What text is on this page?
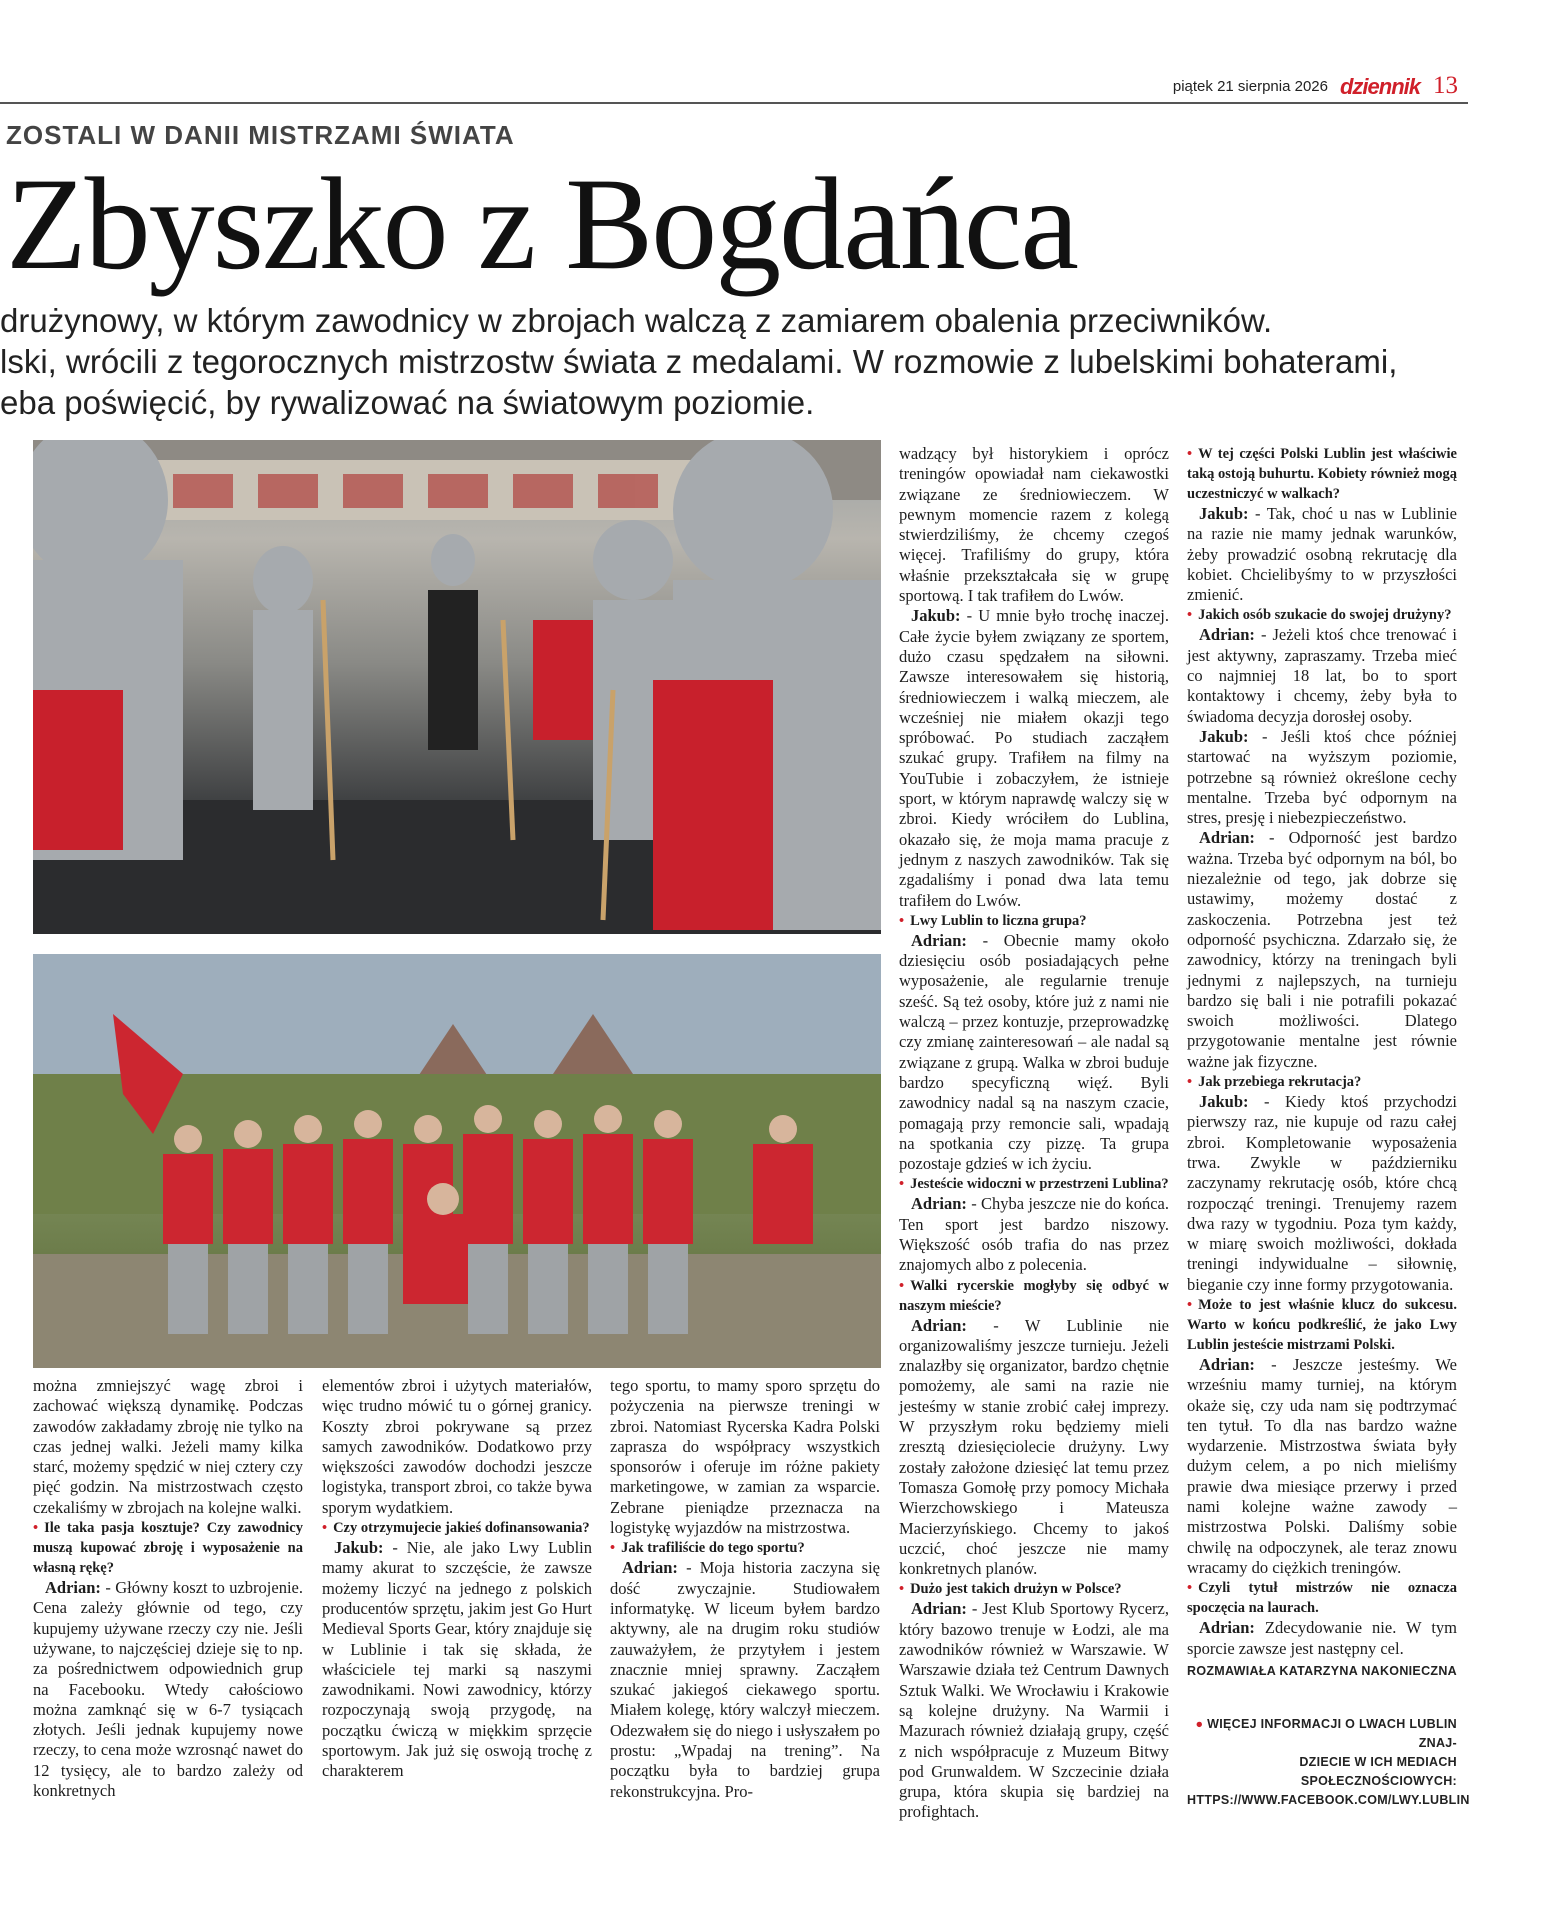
piątek 21 sierpnia 2026 dziennik 13
ZOSTALI W DANII MISTRZAMI ŚWIATA
Zbyszko z Bogdańca
drużynowy, w którym zawodnicy w zbrojach walczą z zamiarem obalenia przeciwników.
lski, wrócili z tegorocznych mistrzostw świata z medalami. W rozmowie z lubelskimi bohaterami,
eba poświęcić, by rywalizować na światowym poziomie.

można zmniejszyć wagę zbroi i zachować większą dynamikę. Podczas zawodów zakładamy zbroję nie tylko na czas jednej walki. Jeżeli mamy kilka starć, możemy spędzić w niej cztery czy pięć godzin. Na mistrzostwach często czekaliśmy w zbrojach na kolejne walki.

• Ile taka pasja kosztuje? Czy zawodnicy muszą kupować zbroję i wyposażenie na własną rękę?

Adrian: - Główny koszt to uzbrojenie. Cena zależy głównie od tego, czy kupujemy używane rzeczy czy nie. Jeśli używane, to najczęściej dzieje się to np. za pośrednictwem odpowiednich grup na Facebooku. Wtedy całościowo można zamknąć się w 6-7 tysiącach złotych. Jeśli jednak kupujemy nowe rzeczy, to cena może wzrosnąć nawet do 12 tysięcy, ale to bardzo zależy od konkretnych

elementów zbroi i użytych materiałów, więc trudno mówić tu o górnej granicy. Koszty zbroi pokrywane są przez samych zawodników. Dodatkowo przy większości zawodów dochodzi jeszcze logistyka, transport zbroi, co także bywa sporym wydatkiem.

• Czy otrzymujecie jakieś dofinansowania?

Jakub: - Nie, ale jako Lwy Lublin mamy akurat to szczęście, że zawsze możemy liczyć na jednego z polskich producentów sprzętu, jakim jest Go Hurt Medieval Sports Gear, który znajduje się w Lublinie i tak się składa, że właściciele tej marki są naszymi zawodnikami. Nowi zawodnicy, którzy rozpoczynają swoją przygodę, na początku ćwiczą w miękkim sprzęcie sportowym. Jak już się oswoją trochę z charakterem

tego sportu, to mamy sporo sprzętu do pożyczenia na pierwsze treningi w zbroi. Natomiast Rycerska Kadra Polski zaprasza do współpracy wszystkich sponsorów i oferuje im różne pakiety marketingowe, w zamian za wsparcie. Zebrane pieniądze przeznacza na logistykę wyjazdów na mistrzostwa.

• Jak trafiliście do tego sportu?

Adrian: - Moja historia zaczyna się dość zwyczajnie. Studiowałem informatykę. W liceum byłem bardzo aktywny, ale na drugim roku studiów zauważyłem, że przytyłem i jestem znacznie mniej sprawny. Zacząłem szukać jakiegoś ciekawego sportu. Miałem kolegę, który walczył mieczem. Odezwałem się do niego i usłyszałem po prostu: „Wpadaj na trening”. Na początku była to bardziej grupa rekonstrukcyjna. Pro-

wadzący był historykiem i oprócz treningów opowiadał nam ciekawostki związane ze średniowieczem. W pewnym momencie razem z kolegą stwierdziliśmy, że chcemy czegoś więcej. Trafiliśmy do grupy, która właśnie przekształcała się w grupę sportową. I tak trafiłem do Lwów.

Jakub: - U mnie było trochę inaczej. Całe życie byłem związany ze sportem, dużo czasu spędzałem na siłowni. Zawsze interesowałem się historią, średniowieczem i walką mieczem, ale wcześniej nie miałem okazji tego spróbować. Po studiach zacząłem szukać grupy. Trafiłem na filmy na YouTubie i zobaczyłem, że istnieje sport, w którym naprawdę walczy się w zbroi. Kiedy wróciłem do Lublina, okazało się, że moja mama pracuje z jednym z naszych zawodników. Tak się zgadaliśmy i ponad dwa lata temu trafiłem do Lwów.

• Lwy Lublin to liczna grupa?

Adrian: - Obecnie mamy około dziesięciu osób posiadających pełne wyposażenie, ale regularnie trenuje sześć. Są też osoby, które już z nami nie walczą – przez kontuzje, przeprowadzkę czy zmianę zainteresowań – ale nadal są związane z grupą. Walka w zbroi buduje bardzo specyficzną więź. Byli zawodnicy nadal są na naszym czacie, pomagają przy remoncie sali, wpadają na spotkania czy pizzę. Ta grupa pozostaje gdzieś w ich życiu.

• Jesteście widoczni w przestrzeni Lublina?

Adrian: - Chyba jeszcze nie do końca. Ten sport jest bardzo niszowy. Większość osób trafia do nas przez znajomych albo z polecenia.

• Walki rycerskie mogłyby się odbyć w naszym mieście?

Adrian: - W Lublinie nie organizowaliśmy jeszcze turnieju. Jeżeli znalazłby się organizator, bardzo chętnie pomożemy, ale sami na razie nie jesteśmy w stanie zrobić całej imprezy. W przyszłym roku będziemy mieli zresztą dziesięciolecie drużyny. Lwy zostały założone dziesięć lat temu przez Tomasza Gomołę przy pomocy Michała Wierzchowskiego i Mateusza Macierzyńskiego. Chcemy to jakoś uczcić, choć jeszcze nie mamy konkretnych planów.

• Dużo jest takich drużyn w Polsce?

Adrian: - Jest Klub Sportowy Rycerz, który bazowo trenuje w Łodzi, ale ma zawodników również w Warszawie. W Warszawie działa też Centrum Dawnych Sztuk Walki. We Wrocławiu i Krakowie są kolejne drużyny. Na Warmii i Mazurach również działają grupy, część z nich współpracuje z Muzeum Bitwy pod Grunwaldem. W Szczecinie działa grupa, która skupia się bardziej na profightach.

• W tej części Polski Lublin jest właściwie taką ostoją buhurtu. Kobiety również mogą uczestniczyć w walkach?

Jakub: - Tak, choć u nas w Lublinie na razie nie mamy jednak warunków, żeby prowadzić osobną rekrutację dla kobiet. Chcielibyśmy to w przyszłości zmienić.

• Jakich osób szukacie do swojej drużyny?

Adrian: - Jeżeli ktoś chce trenować i jest aktywny, zapraszamy. Trzeba mieć co najmniej 18 lat, bo to sport kontaktowy i chcemy, żeby była to świadoma decyzja dorosłej osoby.

Jakub: - Jeśli ktoś chce później startować na wyższym poziomie, potrzebne są również określone cechy mentalne. Trzeba być odpornym na stres, presję i niebezpieczeństwo.

Adrian: - Odporność jest bardzo ważna. Trzeba być odpornym na ból, bo niezależnie od tego, jak dobrze się ustawimy, możemy dostać z zaskoczenia. Potrzebna jest też odporność psychiczna. Zdarzało się, że zawodnicy, którzy na treningach byli jednymi z najlepszych, na turnieju bardzo się bali i nie potrafili pokazać swoich możliwości. Dlatego przygotowanie mentalne jest równie ważne jak fizyczne.

• Jak przebiega rekrutacja?

Jakub: - Kiedy ktoś przychodzi pierwszy raz, nie kupuje od razu całej zbroi. Kompletowanie wyposażenia trwa. Zwykle w październiku zaczynamy rekrutację osób, które chcą rozpocząć treningi. Trenujemy razem dwa razy w tygodniu. Poza tym każdy, w miarę swoich możliwości, dokłada treningi indywidualne – siłownię, bieganie czy inne formy przygotowania.

• Może to jest właśnie klucz do sukcesu. Warto w końcu podkreślić, że jako Lwy Lublin jesteście mistrzami Polski.

Adrian: - Jeszcze jesteśmy. We wrześniu mamy turniej, na którym okaże się, czy uda nam się podtrzymać ten tytuł. To dla nas bardzo ważne wydarzenie. Mistrzostwa świata były dużym celem, a po nich mieliśmy prawie dwa miesiące przerwy i przed nami kolejne ważne zawody – mistrzostwa Polski. Daliśmy sobie chwilę na odpoczynek, ale teraz znowu wracamy do ciężkich treningów.

• Czyli tytuł mistrzów nie oznacza spoczęcia na laurach.

Adrian: Zdecydowanie nie. W tym sporcie zawsze jest następny cel.

ROZMAWIAŁA KATARZYNA NAKONIECZNA
● WIĘCEJ INFORMACJI O LWACH LUBLIN ZNAJ-
DZIECIE W ICH MEDIACH SPOŁECZNOŚCIOWYCH:
HTTPS://WWW.FACEBOOK.COM/LWY.LUBLIN
